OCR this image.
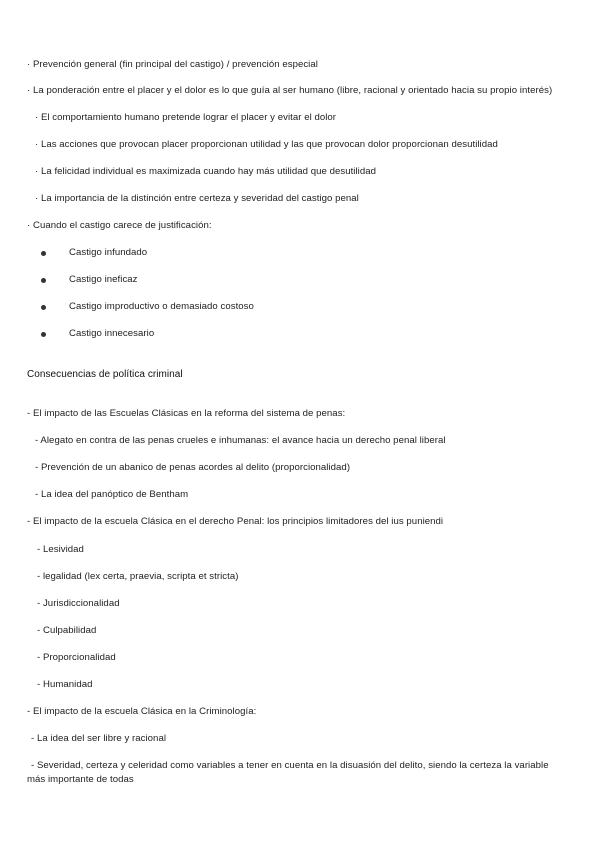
· Prevención general (fin principal del castigo) / prevención especial
· La ponderación entre el placer y el dolor es lo que guía al ser humano (libre, racional y orientado hacia su propio interés)
· El comportamiento humano pretende lograr el placer y evitar el dolor
· Las acciones que provocan placer proporcionan utilidad y las que provocan dolor proporcionan desutilidad
· La felicidad individual es maximizada cuando hay más utilidad que desutilidad
· La importancia de la distinción entre certeza y severidad del castigo penal
· Cuando el castigo carece de justificación:
Castigo infundado
Castigo ineficaz
Castigo improductivo o demasiado costoso
Castigo innecesario
Consecuencias de política criminal
- El impacto de las Escuelas Clásicas en la reforma del sistema de penas:
- Alegato en contra de las penas crueles e inhumanas: el avance hacia un derecho penal liberal
- Prevención de un abanico de penas acordes al delito (proporcionalidad)
- La idea del panóptico de Bentham
- El impacto de la escuela Clásica en el derecho Penal: los principios limitadores del ius puniendi
- Lesividad
- legalidad (lex certa, praevia, scripta et stricta)
- Jurisdiccionalidad
- Culpabilidad
- Proporcionalidad
- Humanidad
- El impacto de la escuela Clásica en la Criminología:
- La idea del ser libre y racional
- Severidad, certeza y celeridad como variables a tener en cuenta en la disuasión del delito, siendo la certeza la variable más importante de todas
